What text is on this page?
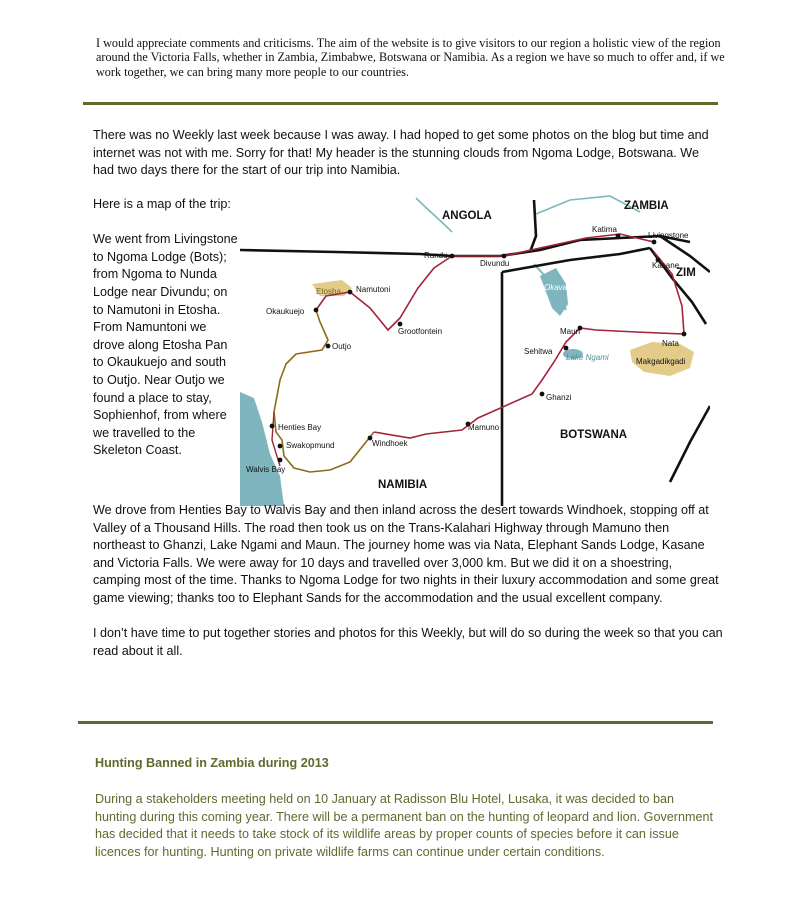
I would appreciate comments and criticisms. The aim of the website is to give visitors to our region a holistic view of the region around the Victoria Falls, whether in Zambia, Zimbabwe, Botswana or Namibia. As a region we have so much to offer and, if we work together, we can bring many more people to our countries.
There was no Weekly last week because I was away. I had hoped to get some photos on the blog but time and internet was not with me. Sorry for that! My header is the stunning clouds from Ngoma Lodge, Botswana. We had two days there for the start of our trip into Namibia.

Here is a map of the trip:

We went from Livingstone to Ngoma Lodge (Bots); from Ngoma to Nunda Lodge near Divundu; on to Namutoni in Etosha. From Namuntoni we drove along Etosha Pan to Okaukuejo and south to Outjo. Near Outjo we found a place to stay, Sophienhof, from where we travelled to the Skeleton Coast.

ANGOLA
ZAMBIA
ZIM
BOTSWANA
NAMIBIA
Katima
Livingstone
Kasane
Rundu
Divundu
Etosha Namutoni
Okaukuejo
Grootfontein
Outjo
Okavango
Maun
Nata
Sehitwa
Lake Ngami	Makgadikgadi
Ghanzi
Henties Bay
Swakopmund	Windhoek
Mamuno
Walvis Bay

We drove from Henties Bay to Walvis Bay and then inland across the desert towards Windhoek, stopping off at Valley of a Thousand Hills. The road then took us on the Trans-Kalahari Highway through Mamuno then northeast to Ghanzi, Lake Ngami and Maun. The journey home was via Nata, Elephant Sands Lodge, Kasane and Victoria Falls. We were away for 10 days and travelled over 3,000 km. But we did it on a shoestring, camping most of the time. Thanks to Ngoma Lodge for two nights in their luxury accommodation and some great game viewing; thanks too to Elephant Sands for the accommodation and the usual excellent company.

I don’t have time to put together stories and photos for this Weekly, but will do so during the week so that you can read about it all.

Hunting Banned in Zambia during 2013
During a stakeholders meeting held on 10 January at Radisson Blu Hotel, Lusaka, it was decided to ban hunting during this coming year. There will be a permanent ban on the hunting of leopard and lion. Government has decided that it needs to take stock of its wildlife areas by proper counts of species before it can issue licences for hunting. Hunting on private wildlife farms can continue under certain conditions.
